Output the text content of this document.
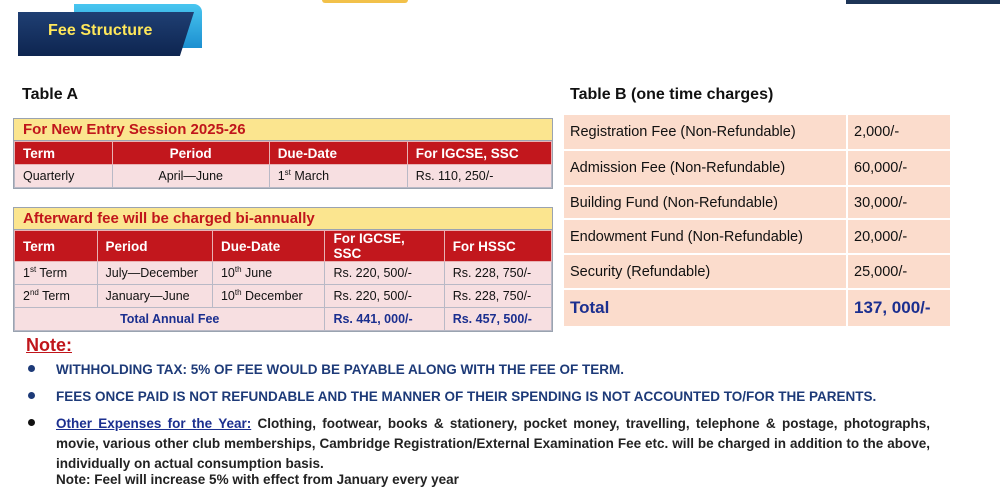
Fee Structure
Table A
For New Entry Session 2025-26
Term	Period	Due-Date	For IGCSE, SSC
Quarterly	April—June	1st March	Rs. 110, 250/-
Afterward fee will be charged bi-annually
Term	Period	Due-Date	For IGCSE, SSC	For HSSC
1st Term	July—December	10th June	Rs. 220, 500/-	Rs. 228, 750/-
2nd Term	January—June	10th December	Rs. 220, 500/-	Rs. 228, 750/-
Total Annual Fee			Rs. 441, 000/-	Rs. 457, 500/-
Table B (one time charges)
Registration Fee (Non-Refundable)	2,000/-
Admission Fee (Non-Refundable)	60,000/-
Building Fund (Non-Refundable)	30,000/-
Endowment Fund (Non-Refundable)	20,000/-
Security (Refundable)	25,000/-
Total	137, 000/-
Note:
WITHHOLDING TAX: 5% OF FEE WOULD BE PAYABLE ALONG WITH THE FEE OF TERM.
FEES ONCE PAID IS NOT REFUNDABLE AND THE MANNER OF THEIR SPENDING IS NOT ACCOUNTED TO/FOR THE PARENTS.
Other Expenses for the Year: Clothing, footwear, books & stationery, pocket money, travelling, telephone & postage, photographs, movie, various other club memberships, Cambridge Registration/External Examination Fee etc. will be charged in addition to the above, individually on actual consumption basis.
Note: Feel will increase 5% with effect from January every year
